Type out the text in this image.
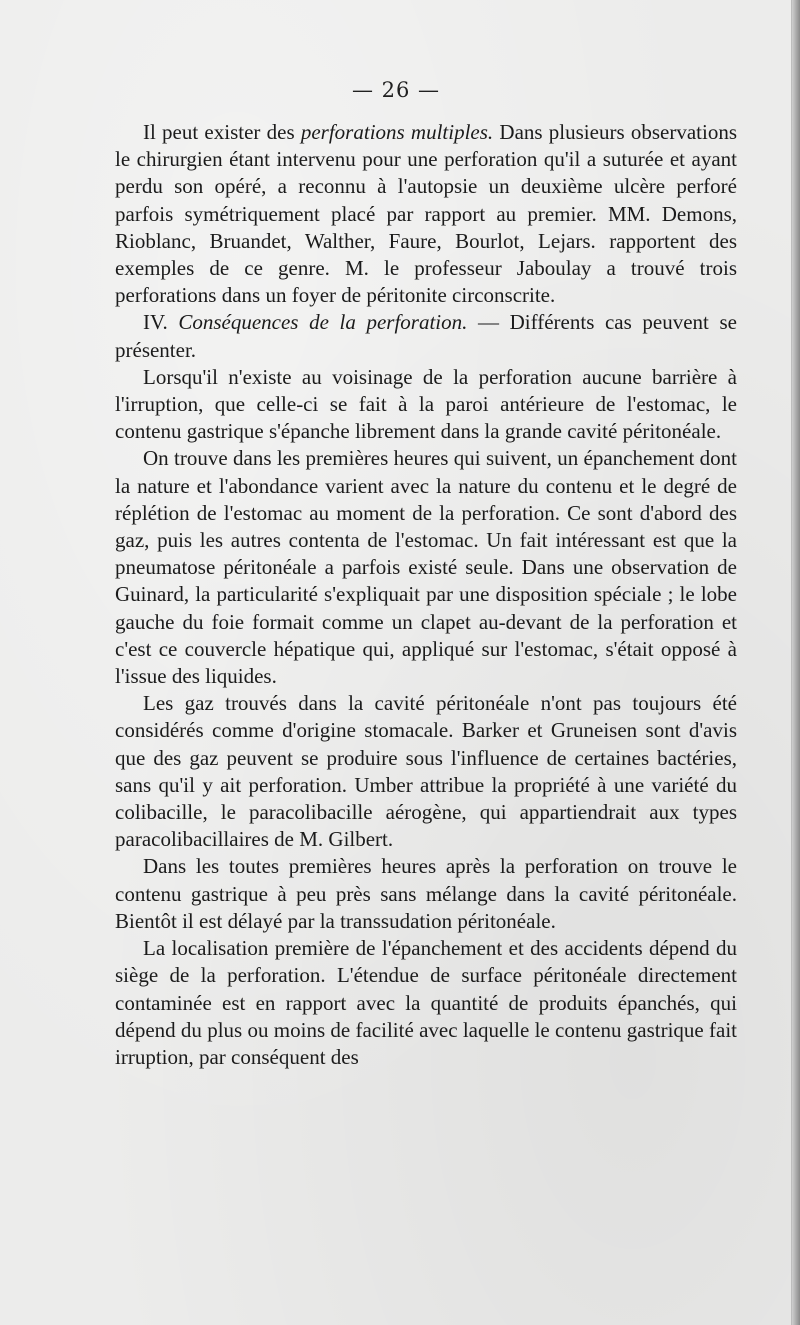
— 26 —

Il peut exister des perforations multiples. Dans plusieurs observations le chirurgien étant intervenu pour une perforation qu'il a suturée et ayant perdu son opéré, a reconnu à l'autopsie un deuxième ulcère perforé parfois symétriquement placé par rapport au premier. MM. Demons, Rioblanc, Bruandet, Walther, Faure, Bourlot, Lejars. rapportent des exemples de ce genre. M. le professeur Jaboulay a trouvé trois perforations dans un foyer de péritonite circonscrite.

IV. Conséquences de la perforation. — Différents cas peuvent se présenter.

Lorsqu'il n'existe au voisinage de la perforation aucune barrière à l'irruption, que celle-ci se fait à la paroi antérieure de l'estomac, le contenu gastrique s'épanche librement dans la grande cavité péritonéale.

On trouve dans les premières heures qui suivent, un épanchement dont la nature et l'abondance varient avec la nature du contenu et le degré de réplétion de l'estomac au moment de la perforation. Ce sont d'abord des gaz, puis les autres contenta de l'estomac. Un fait intéressant est que la pneumatose péritonéale a parfois existé seule. Dans une observation de Guinard, la particularité s'expliquait par une disposition spéciale ; le lobe gauche du foie formait comme un clapet au-devant de la perforation et c'est ce couvercle hépatique qui, appliqué sur l'estomac, s'était opposé à l'issue des liquides.

Les gaz trouvés dans la cavité péritonéale n'ont pas toujours été considérés comme d'origine stomacale. Barker et Gruneisen sont d'avis que des gaz peuvent se produire sous l'influence de certaines bactéries, sans qu'il y ait perforation. Umber attribue la propriété à une variété du colibacille, le paracolibacille aérogène, qui appartiendrait aux types paracolibacillaires de M. Gilbert.

Dans les toutes premières heures après la perforation on trouve le contenu gastrique à peu près sans mélange dans la cavité péritonéale. Bientôt il est délayé par la transsudation péritonéale.

La localisation première de l'épanchement et des accidents dépend du siège de la perforation. L'étendue de surface péritonéale directement contaminée est en rapport avec la quantité de produits épanchés, qui dépend du plus ou moins de facilité avec laquelle le contenu gastrique fait irruption, par conséquent des
